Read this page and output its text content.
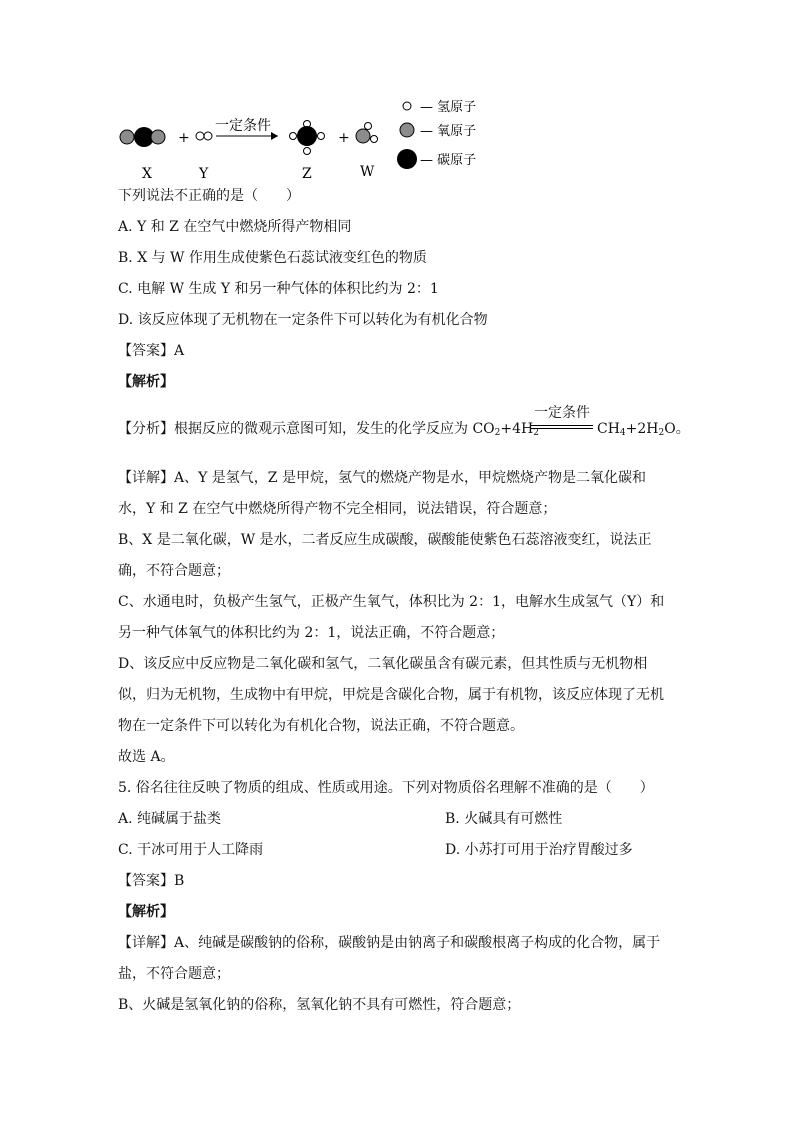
+
一定条件
+
X	Y	Z	W
— 氢原子
— 氧原子
— 碳原子
下列说法不正确的是（　　）
A. Y 和 Z 在空气中燃烧所得产物相同
B. X 与 W 作用生成使紫色石蕊试液变红色的物质
C. 电解 W 生成 Y 和另一种气体的体积比约为 2：1
D. 该反应体现了无机物在一定条件下可以转化为有机化合物
【答案】A
【解析】
【分析】根据反应的微观示意图可知，发生的化学反应为 $CO_2+4H_2$
一定条件
$CH_4+2H_2O$。
【详解】A、Y 是氢气，Z 是甲烷，氢气的燃烧产物是水，甲烷燃烧产物是二氧化碳和
水，Y 和 Z 在空气中燃烧所得产物不完全相同，说法错误，符合题意；
B、X 是二氧化碳，W 是水，二者反应生成碳酸，碳酸能使紫色石蕊溶液变红，说法正
确，不符合题意；
C、水通电时，负极产生氢气，正极产生氧气，体积比为 2：1，电解水生成氢气（Y）和
另一种气体氧气的体积比约为 2：1，说法正确，不符合题意；
D、该反应中反应物是二氧化碳和氢气，二氧化碳虽含有碳元素，但其性质与无机物相
似，归为无机物，生成物中有甲烷，甲烷是含碳化合物，属于有机物，该反应体现了无机
物在一定条件下可以转化为有机化合物，说法正确，不符合题意。
故选 A。
5. 俗名往往反映了物质的组成、性质或用途。下列对物质俗名理解不准确的是（　　）
A. 纯碱属于盐类	B. 火碱具有可燃性
C. 干冰可用于人工降雨	D. 小苏打可用于治疗胃酸过多
【答案】B
【解析】
【详解】A、纯碱是碳酸钠的俗称，碳酸钠是由钠离子和碳酸根离子构成的化合物，属于
盐，不符合题意；
B、火碱是氢氧化钠的俗称，氢氧化钠不具有可燃性，符合题意；
